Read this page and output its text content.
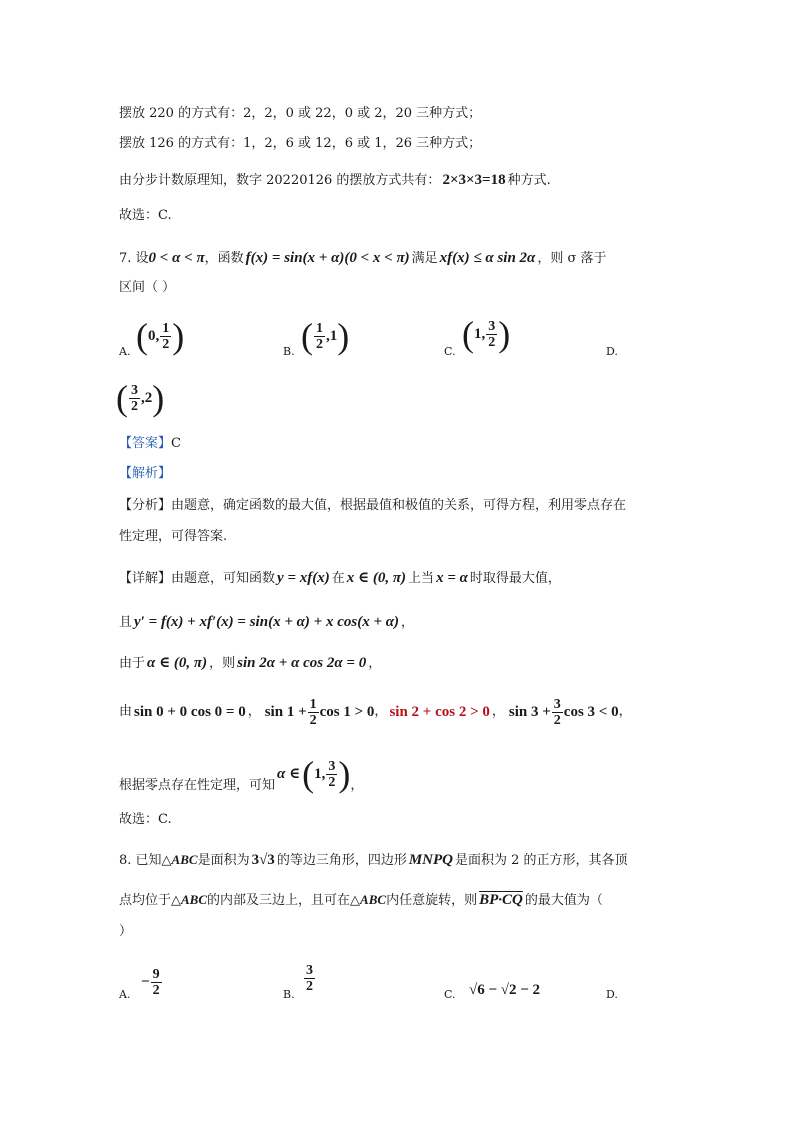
摆放 220 的方式有：2，2，0 或 22，0 或 2，20 三种方式；
摆放 126 的方式有：1，2，6 或 12，6 或 1，26 三种方式；
由分步计数原理知，数字 20220126 的摆放方式共有： 2×3×3=18 种方式.
故选：C.
7. 设0 < α < π，函数 f(x) = sin(x + α)(0 < x < π) 满足 xf(x) ≤ α sin 2α ，则 σ 落于
区间（ ）
A. ( 0, $\frac{1}{2}$ )	B. ( $\frac{1}{2} ,1$ )	C. ( 1, $\frac{3}{2}$ )	D.
( $\frac{3}{2} ,2$ )
【答案】C
【解析】
【分析】由题意，确定函数的最大值，根据最值和极值的关系，可得方程，利用零点存在
性定理，可得答案.
【详解】由题意，可知函数 y = xf(x) 在 x ∈ (0, π) 上当 x = α 时取得最大值，
且 y′ = f(x) + xf′(x) = sin(x + α) + x cos(x + α) ，
由于 α ∈ (0, π) ，则 sin 2α + α cos 2α = 0 ，
由 sin 0 + 0 cos 0 = 0 ， $\sin 1 + \frac{1}{2}$ cos 1 > 0 ， sin 2 + cos 2 > 0 ， $\sin 3 + \frac{3}{2}$ cos 3 < 0 ，
根据零点存在性定理，可知
α ∈ ( 1, $\frac{3}{2}$ ) ，
故选：C.
8. 已知△ABC是面积为 3√3 的等边三角形，四边形 MNPQ 是面积为 2 的正方形，其各顶
点均位于△ABC的内部及三边上，且可在△ABC内任意旋转，则 BP·CQ 的最大值为（
）
A.
− $\frac{9}{2}$	B.
$\frac{3}{2}$
C. √6 − √2 − 2	D.
